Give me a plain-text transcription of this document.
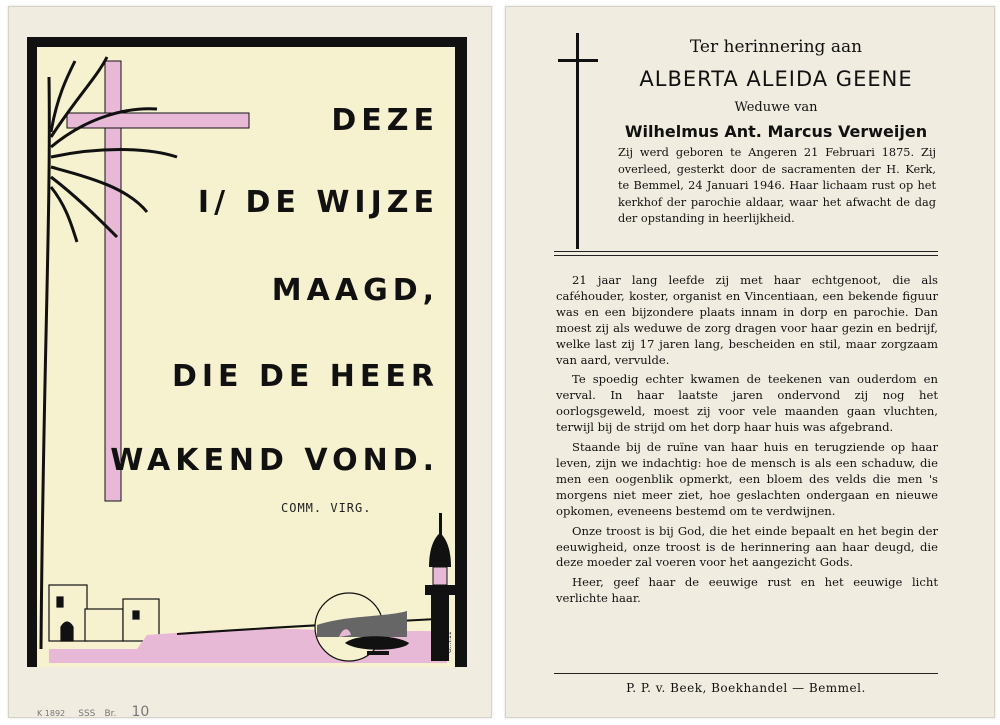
G...I.11
DEZE
I/ DE WIJZE
MAAGD,
DIE DE HEER
WAKEND VOND.
COMM. VIRG.
K 1892 SSS Br. 10
Ter herinnering aan
ALBERTA ALEIDA GEENE
Weduwe van
Wilhelmus Ant. Marcus Verweijen
Zij werd geboren te Angeren 21 Februari 1875. Zij overleed, gesterkt door de sacramenten der H. Kerk, te Bemmel, 24 Januari 1946. Haar lichaam rust op het kerkhof der parochie aldaar, waar het afwacht de dag der opstanding in heerlijkheid.

21 jaar lang leefde zij met haar echtgenoot, die als caféhouder, koster, organist en Vincentiaan, een bekende figuur was en een bijzondere plaats innam in dorp en parochie. Dan moest zij als weduwe de zorg dragen voor haar gezin en bedrijf, welke last zij 17 jaren lang, bescheiden en stil, maar zorgzaam van aard, vervulde.

Te spoedig echter kwamen de teekenen van ouderdom en verval. In haar laatste jaren ondervond zij nog het oorlogsgeweld, moest zij voor vele maanden gaan vluchten, terwijl bij de strijd om het dorp haar huis was afgebrand.

Staande bij de ruïne van haar huis en terugziende op haar leven, zijn we indachtig: hoe de mensch is als een schaduw, die men een oogenblik opmerkt, een bloem des velds die men 's morgens niet meer ziet, hoe geslachten ondergaan en nieuwe opkomen, eveneens bestemd om te verdwijnen.

Onze troost is bij God, die het einde bepaalt en het begin der eeuwigheid, onze troost is de herinnering aan haar deugd, die deze moeder zal voeren voor het aangezicht Gods.

Heer, geef haar de eeuwige rust en het eeuwige licht verlichte haar.

P. P. v. Beek, Boekhandel — Bemmel.
